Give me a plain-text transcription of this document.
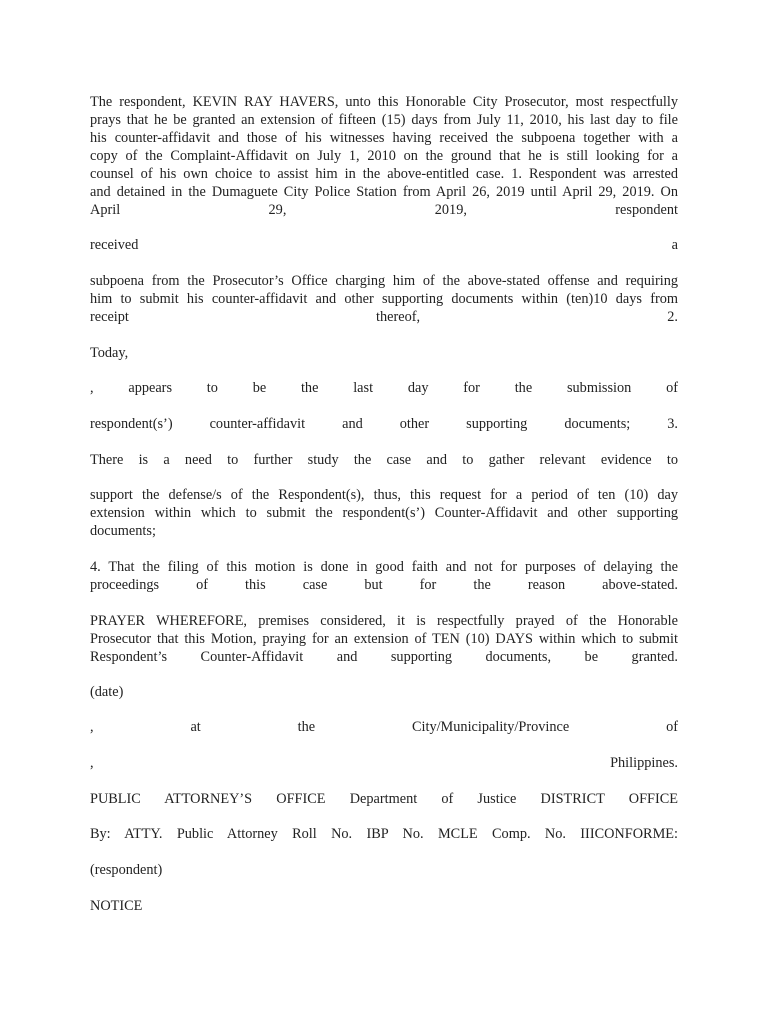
The respondent, KEVIN RAY HAVERS, unto this Honorable City Prosecutor, most respectfully
prays that he be granted an extension of fifteen (15) days from July 11, 2010, his last day to file
his counter-affidavit and those of his witnesses having received the subpoena together with a
copy of the Complaint-Affidavit on July 1, 2010 on the ground that he is still looking for a
counsel of his own choice to assist him in the above-entitled case. 1. Respondent was arrested
and detained in the Dumaguete City Police Station from April 26, 2019 until April 29, 2019. On
April 29, 2019, respondent
received a
subpoena from the Prosecutor’s Office charging him of the above-stated offense and requiring
him to submit his counter-affidavit and other supporting documents within (ten)10 days from
receipt thereof, 2.
Today,
, appears to be the last day for the submission of
respondent(s’) counter-affidavit and other supporting documents; 3.
There is a need to further study the case and to gather relevant evidence to
support the defense/s of the Respondent(s), thus, this request for a period of ten (10) day
extension within which to submit the respondent(s’) Counter-Affidavit and other supporting
documents;
4. That the filing of this motion is done in good faith and not for purposes of delaying the
proceedings of this case but for the reason above-stated.
PRAYER WHEREFORE, premises considered, it is respectfully prayed of the Honorable
Prosecutor that this Motion, praying for an extension of TEN (10) DAYS within which to submit
Respondent’s Counter-Affidavit and supporting documents, be granted.
(date)
, at the City/Municipality/Province of
, Philippines.
PUBLIC ATTORNEY’S OFFICE Department of Justice DISTRICT OFFICE
By: ATTY. Public Attorney Roll No. IBP No. MCLE Comp. No. IIICONFORME:
(respondent)
NOTICE
